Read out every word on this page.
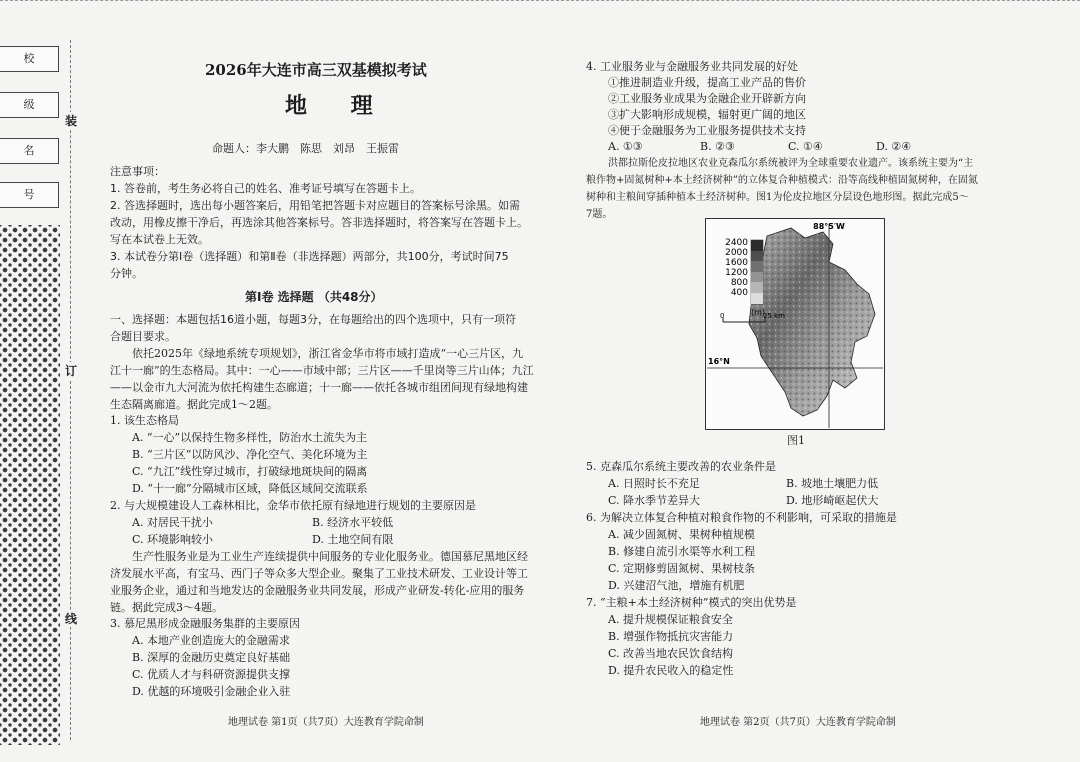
校
级
名
号
装
订
线
2026年大连市高三双基模拟考试
地 理
命题人：李大鹏　陈思　刘昂　王振雷
注意事项：
1. 答卷前，考生务必将自己的姓名、准考证号填写在答题卡上。
2. 答选择题时，选出每小题答案后，用铅笔把答题卡对应题目的答案标号涂黑。如需
改动，用橡皮擦干净后，再选涂其他答案标号。答非选择题时，将答案写在答题卡上。
写在本试卷上无效。
3. 本试卷分第Ⅰ卷（选择题）和第Ⅱ卷（非选择题）两部分，共100分，考试时间75
分钟。
第Ⅰ卷 选择题 （共48分）
一、选择题：本题包括16道小题，每题3分，在每题给出的四个选项中，只有一项符
合题目要求。
依托2025年《绿地系统专项规划》，浙江省金华市将市域打造成“一心三片区，九
江十一廊”的生态格局。其中：一心——市域中部；三片区——千里岗等三片山体；九江
——以金市九大河流为依托构建生态廊道；十一廊——依托各城市组团间现有绿地构建
生态隔离廊道。据此完成1～2题。
1. 该生态格局
A. “一心”以保持生物多样性，防治水土流失为主
B. “三片区”以防风沙、净化空气、美化环境为主
C. “九江”线性穿过城市，打破绿地斑块间的隔离
D. “十一廊”分隔城市区域，降低区域间交流联系
2. 与大规模建设人工森林相比，金华市依托原有绿地进行规划的主要原因是
A. 对居民干扰小	B. 经济水平较低
C. 环境影响较小	D. 土地空间有限
生产性服务业是为工业生产连续提供中间服务的专业化服务业。德国慕尼黑地区经
济发展水平高，有宝马、西门子等众多大型企业。聚集了工业技术研发、工业设计等工
业服务企业，通过和当地发达的金融服务业共同发展，形成产业研发-转化-应用的服务
链。据此完成3～4题。
3. 慕尼黑形成金融服务集群的主要原因
A. 本地产业创造庞大的金融需求
B. 深厚的金融历史奠定良好基础
C. 优质人才与科研资源提供支撑
D. 优越的环境吸引金融企业入驻
地理试卷 第1页（共7页）大连教育学院命制
4. 工业服务业与金融服务业共同发展的好处
①推进制造业升级，提高工业产品的售价
②工业服务业成果为金融企业开辟新方向
③扩大影响形成规模，辐射更广阔的地区
④便于金融服务为工业服务提供技术支持
A. ①③	B. ②③	C. ①④	D. ②④
洪都拉斯伦皮拉地区农业克森瓜尔系统被评为全球重要农业遗产。该系统主要为“主
粮作物+固氮树种+本土经济树种”的立体复合种植模式：沿等高线种植固氮树种，在固氮
树种和主粮间穿插种植本土经济树种。图1为伦皮拉地区分层设色地形图。据此完成5～
7题。
2400
2000
1600
1200
800
400
(m)
0	25 km
88°5′W
16°N
图1
5. 克森瓜尔系统主要改善的农业条件是
A. 日照时长不充足	B. 坡地土壤肥力低
C. 降水季节差异大	D. 地形崎岖起伏大
6. 为解决立体复合种植对粮食作物的不利影响，可采取的措施是
A. 减少固氮树、果树种植规模
B. 修建自流引水渠等水利工程
C. 定期修剪固氮树、果树枝条
D. 兴建沼气池，增施有机肥
7. “主粮+本土经济树种”模式的突出优势是
A. 提升规模保证粮食安全
B. 增强作物抵抗灾害能力
C. 改善当地农民饮食结构
D. 提升农民收入的稳定性
地理试卷 第2页（共7页）大连教育学院命制
